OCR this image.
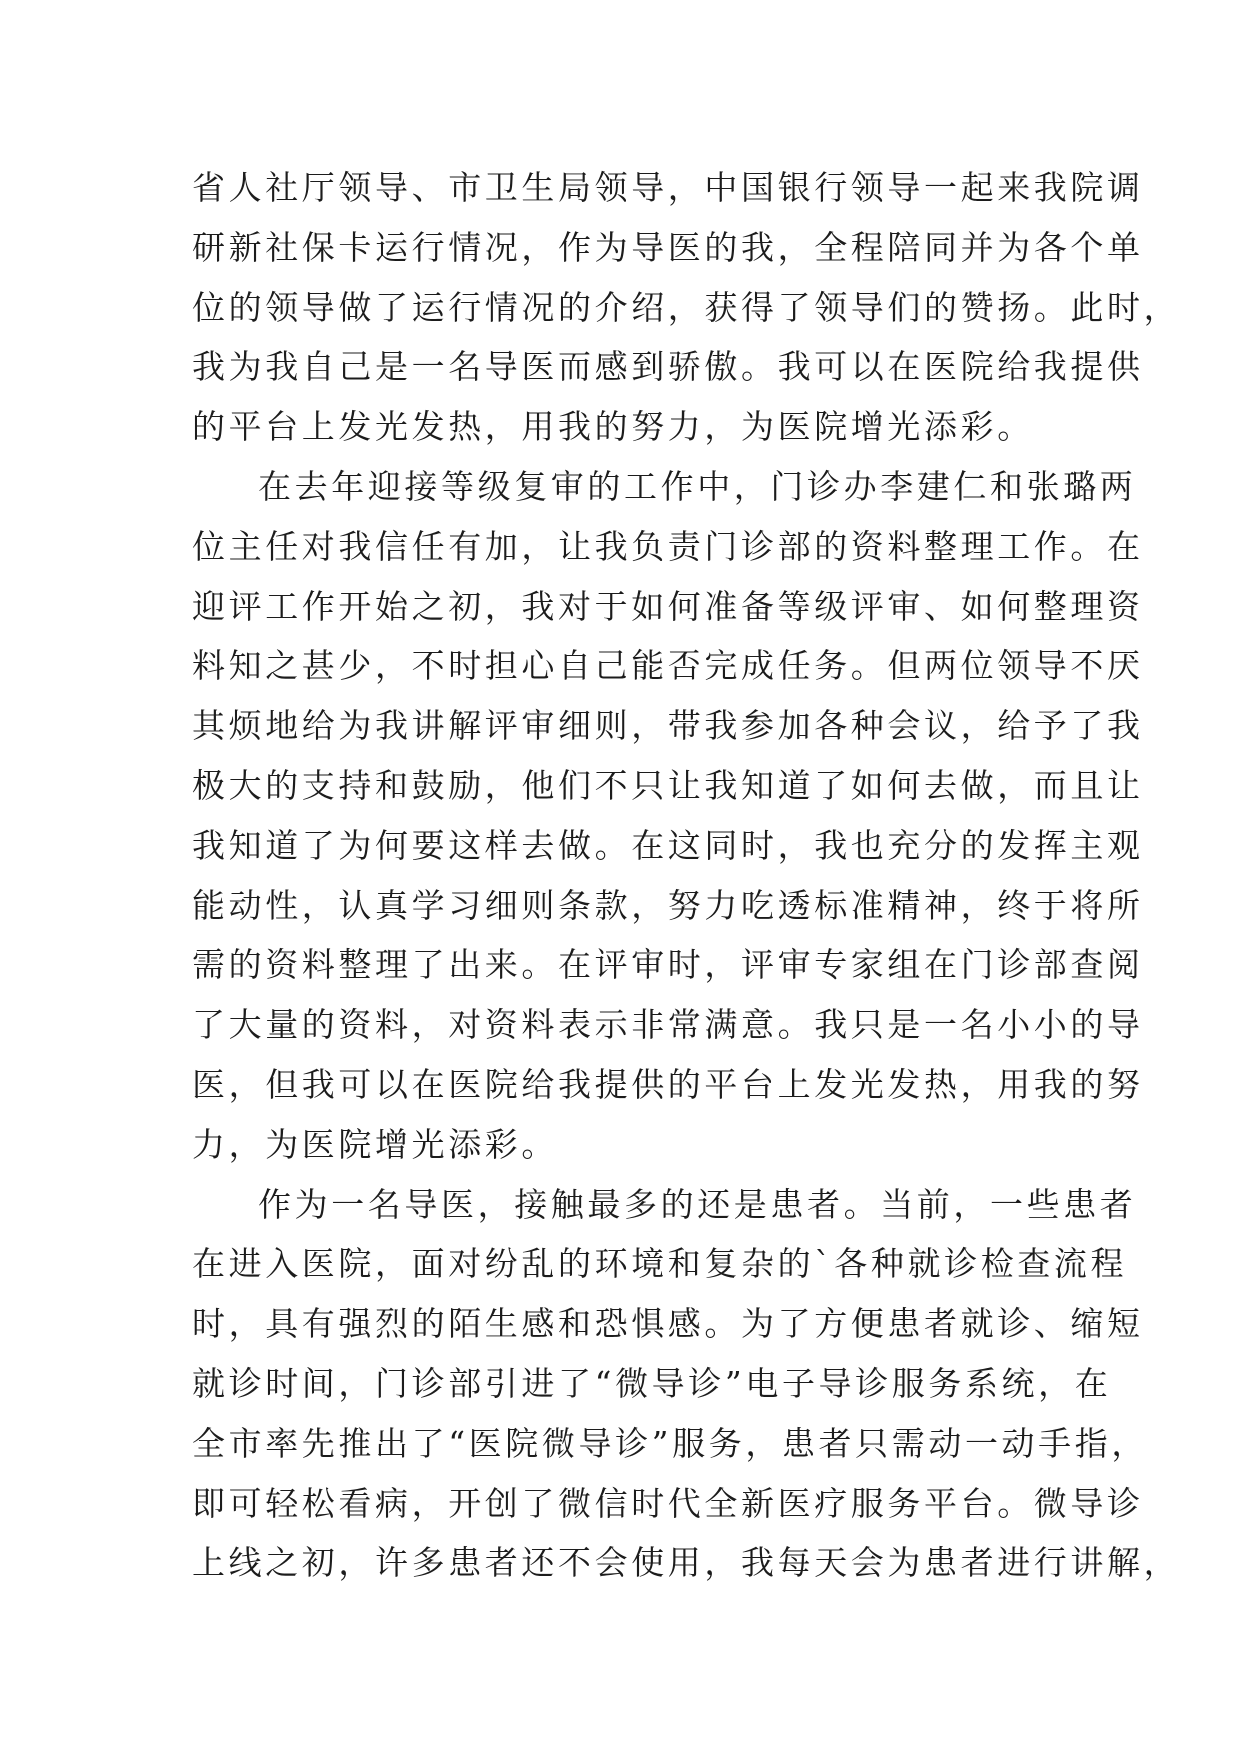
省人社厅领导、市卫生局领导，中国银行领导一起来我院调
研新社保卡运行情况，作为导医的我，全程陪同并为各个单
位的领导做了运行情况的介绍，获得了领导们的赞扬。此时，
我为我自己是一名导医而感到骄傲。我可以在医院给我提供
的平台上发光发热，用我的努力，为医院增光添彩。
在去年迎接等级复审的工作中，门诊办李建仁和张璐两
位主任对我信任有加，让我负责门诊部的资料整理工作。在
迎评工作开始之初，我对于如何准备等级评审、如何整理资
料知之甚少，不时担心自己能否完成任务。但两位领导不厌
其烦地给为我讲解评审细则，带我参加各种会议，给予了我
极大的支持和鼓励，他们不只让我知道了如何去做，而且让
我知道了为何要这样去做。在这同时，我也充分的发挥主观
能动性，认真学习细则条款，努力吃透标准精神，终于将所
需的资料整理了出来。在评审时，评审专家组在门诊部查阅
了大量的资料，对资料表示非常满意。我只是一名小小的导
医，但我可以在医院给我提供的平台上发光发热，用我的努
力，为医院增光添彩。
作为一名导医，接触最多的还是患者。当前，一些患者
在进入医院，面对纷乱的环境和复杂的`各种就诊检查流程
时，具有强烈的陌生感和恐惧感。为了方便患者就诊、缩短
就诊时间，门诊部引进了“微导诊”电子导诊服务系统，在
全市率先推出了“医院微导诊”服务，患者只需动一动手指，
即可轻松看病，开创了微信时代全新医疗服务平台。微导诊
上线之初，许多患者还不会使用，我每天会为患者进行讲解，
